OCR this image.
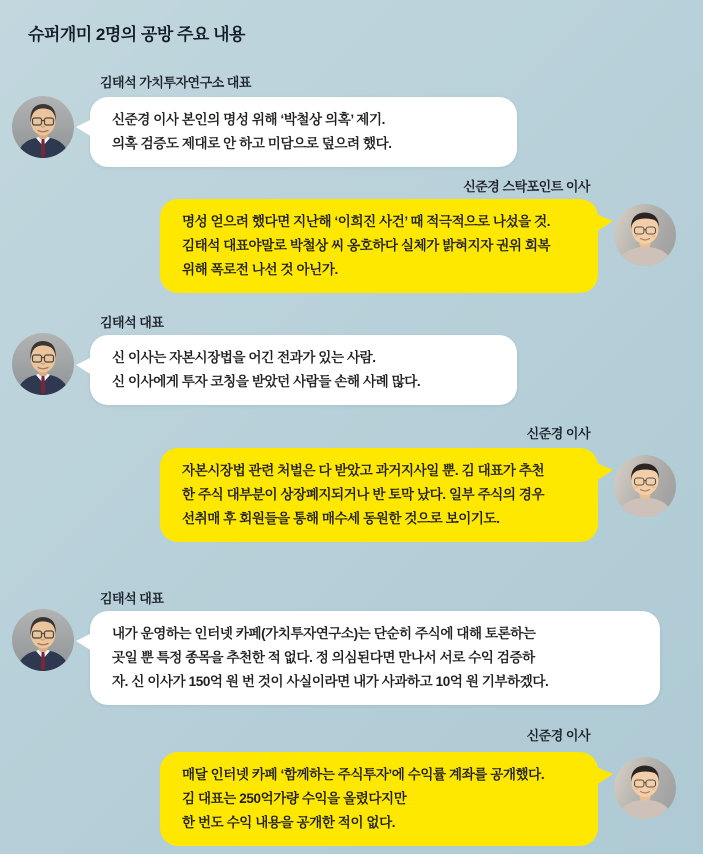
슈퍼개미 2명의 공방 주요 내용
김태석 가치투자연구소 대표
신준경 이사 본인의 명성 위해 ‘박철상 의혹’ 제기.
의혹 검증도 제대로 안 하고 미담으로 덮으려 했다.
신준경 스탁포인트 이사
명성 얻으려 했다면 지난해 ‘이희진 사건’ 때 적극적으로 나섰을 것.
김태석 대표야말로 박철상 씨 옹호하다 실체가 밝혀지자 권위 회복
위해 폭로전 나선 것 아닌가.
김태석 대표
신 이사는 자본시장법을 어긴 전과가 있는 사람.
신 이사에게 투자 코칭을 받았던 사람들 손해 사례 많다.
신준경 이사
자본시장법 관련 처벌은 다 받았고 과거지사일 뿐. 김 대표가 추천
한 주식 대부분이 상장폐지되거나 반 토막 났다. 일부 주식의 경우
선취매 후 회원들을 통해 매수세 동원한 것으로 보이기도.
김태석 대표
내가 운영하는 인터넷 카페(가치투자연구소)는 단순히 주식에 대해 토론하는
곳일 뿐 특정 종목을 추천한 적 없다. 정 의심된다면 만나서 서로 수익 검증하
자. 신 이사가 150억 원 번 것이 사실이라면 내가 사과하고 10억 원 기부하겠다.
신준경 이사
매달 인터넷 카페 ‘함께하는 주식투자’에 수익률 계좌를 공개했다.
김 대표는 250억가량 수익을 올렸다지만
한 번도 수익 내용을 공개한 적이 없다.
